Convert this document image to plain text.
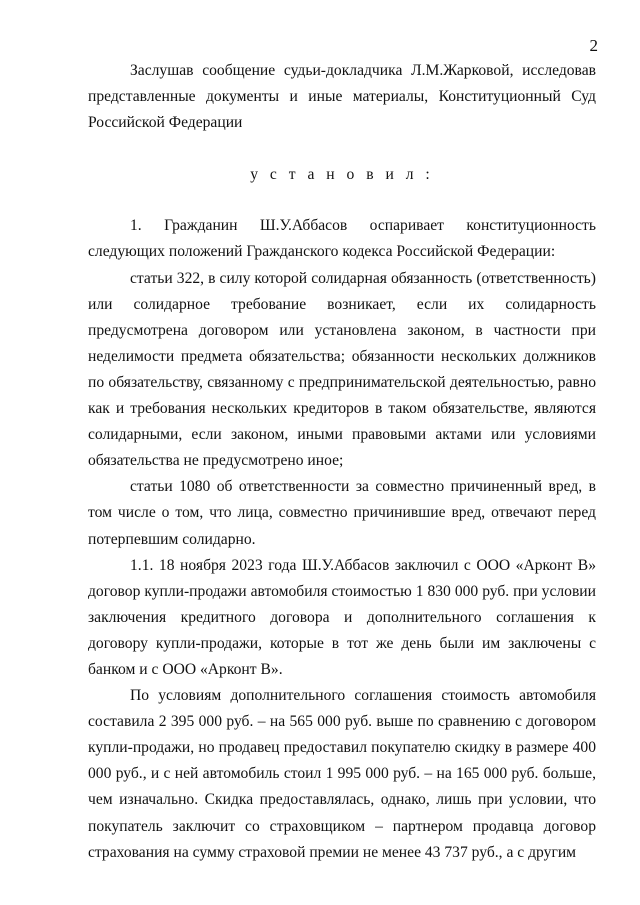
2

Заслушав сообщение судьи-докладчика Л.М.Жарковой, исследовав представленные документы и иные материалы, Конституционный Суд Российской Федерации

у с т а н о в и л :

1. Гражданин Ш.У.Аббасов оспаривает конституционность следующих положений Гражданского кодекса Российской Федерации:

статьи 322, в силу которой солидарная обязанность (ответственность) или солидарное требование возникает, если их солидарность предусмотрена договором или установлена законом, в частности при неделимости предмета обязательства; обязанности нескольких должников по обязательству, связанному с предпринимательской деятельностью, равно как и требования нескольких кредиторов в таком обязательстве, являются солидарными, если законом, иными правовыми актами или условиями обязательства не предусмотрено иное;

статьи 1080 об ответственности за совместно причиненный вред, в том числе о том, что лица, совместно причинившие вред, отвечают перед потерпевшим солидарно.

1.1. 18 ноября 2023 года Ш.У.Аббасов заключил с ООО «Арконт В» договор купли-продажи автомобиля стоимостью 1 830 000 руб. при условии заключения кредитного договора и дополнительного соглашения к договору купли-продажи, которые в тот же день были им заключены с банком и с ООО «Арконт В».

По условиям дополнительного соглашения стоимость автомобиля составила 2 395 000 руб. – на 565 000 руб. выше по сравнению с договором купли-продажи, но продавец предоставил покупателю скидку в размере 400 000 руб., и с ней автомобиль стоил 1 995 000 руб. – на 165 000 руб. больше, чем изначально. Скидка предоставлялась, однако, лишь при условии, что покупатель заключит со страховщиком – партнером продавца договор страхования на сумму страховой премии не менее 43 737 руб., а с другим
